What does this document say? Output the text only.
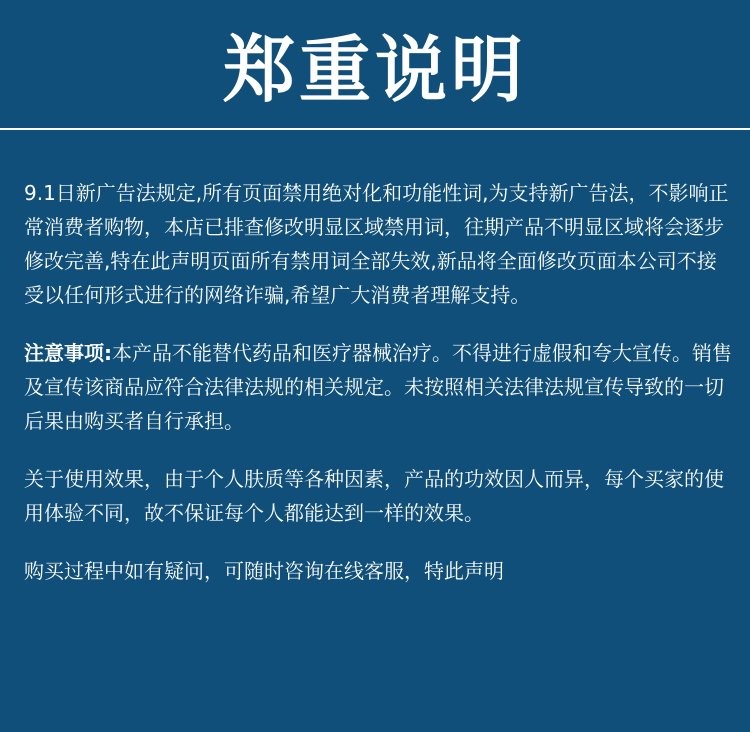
郑重说明

9.1日新广告法规定,所有页面禁用绝对化和功能性词,为支持新广告法，不影响正常消费者购物，本店已排查修改明显区域禁用词，往期产品不明显区域将会逐步修改完善,特在此声明页面所有禁用词全部失效,新品将全面修改页面本公司不接受以任何形式进行的网络诈骗,希望广大消费者理解支持。

注意事项:本产品不能替代药品和医疗器械治疗。不得进行虚假和夸大宣传。销售及宣传该商品应符合法律法规的相关规定。未按照相关法律法规宣传导致的一切后果由购买者自行承担。

关于使用效果，由于个人肤质等各种因素，产品的功效因人而异，每个买家的使用体验不同，故不保证每个人都能达到一样的效果。

购买过程中如有疑问，可随时咨询在线客服，特此声明
